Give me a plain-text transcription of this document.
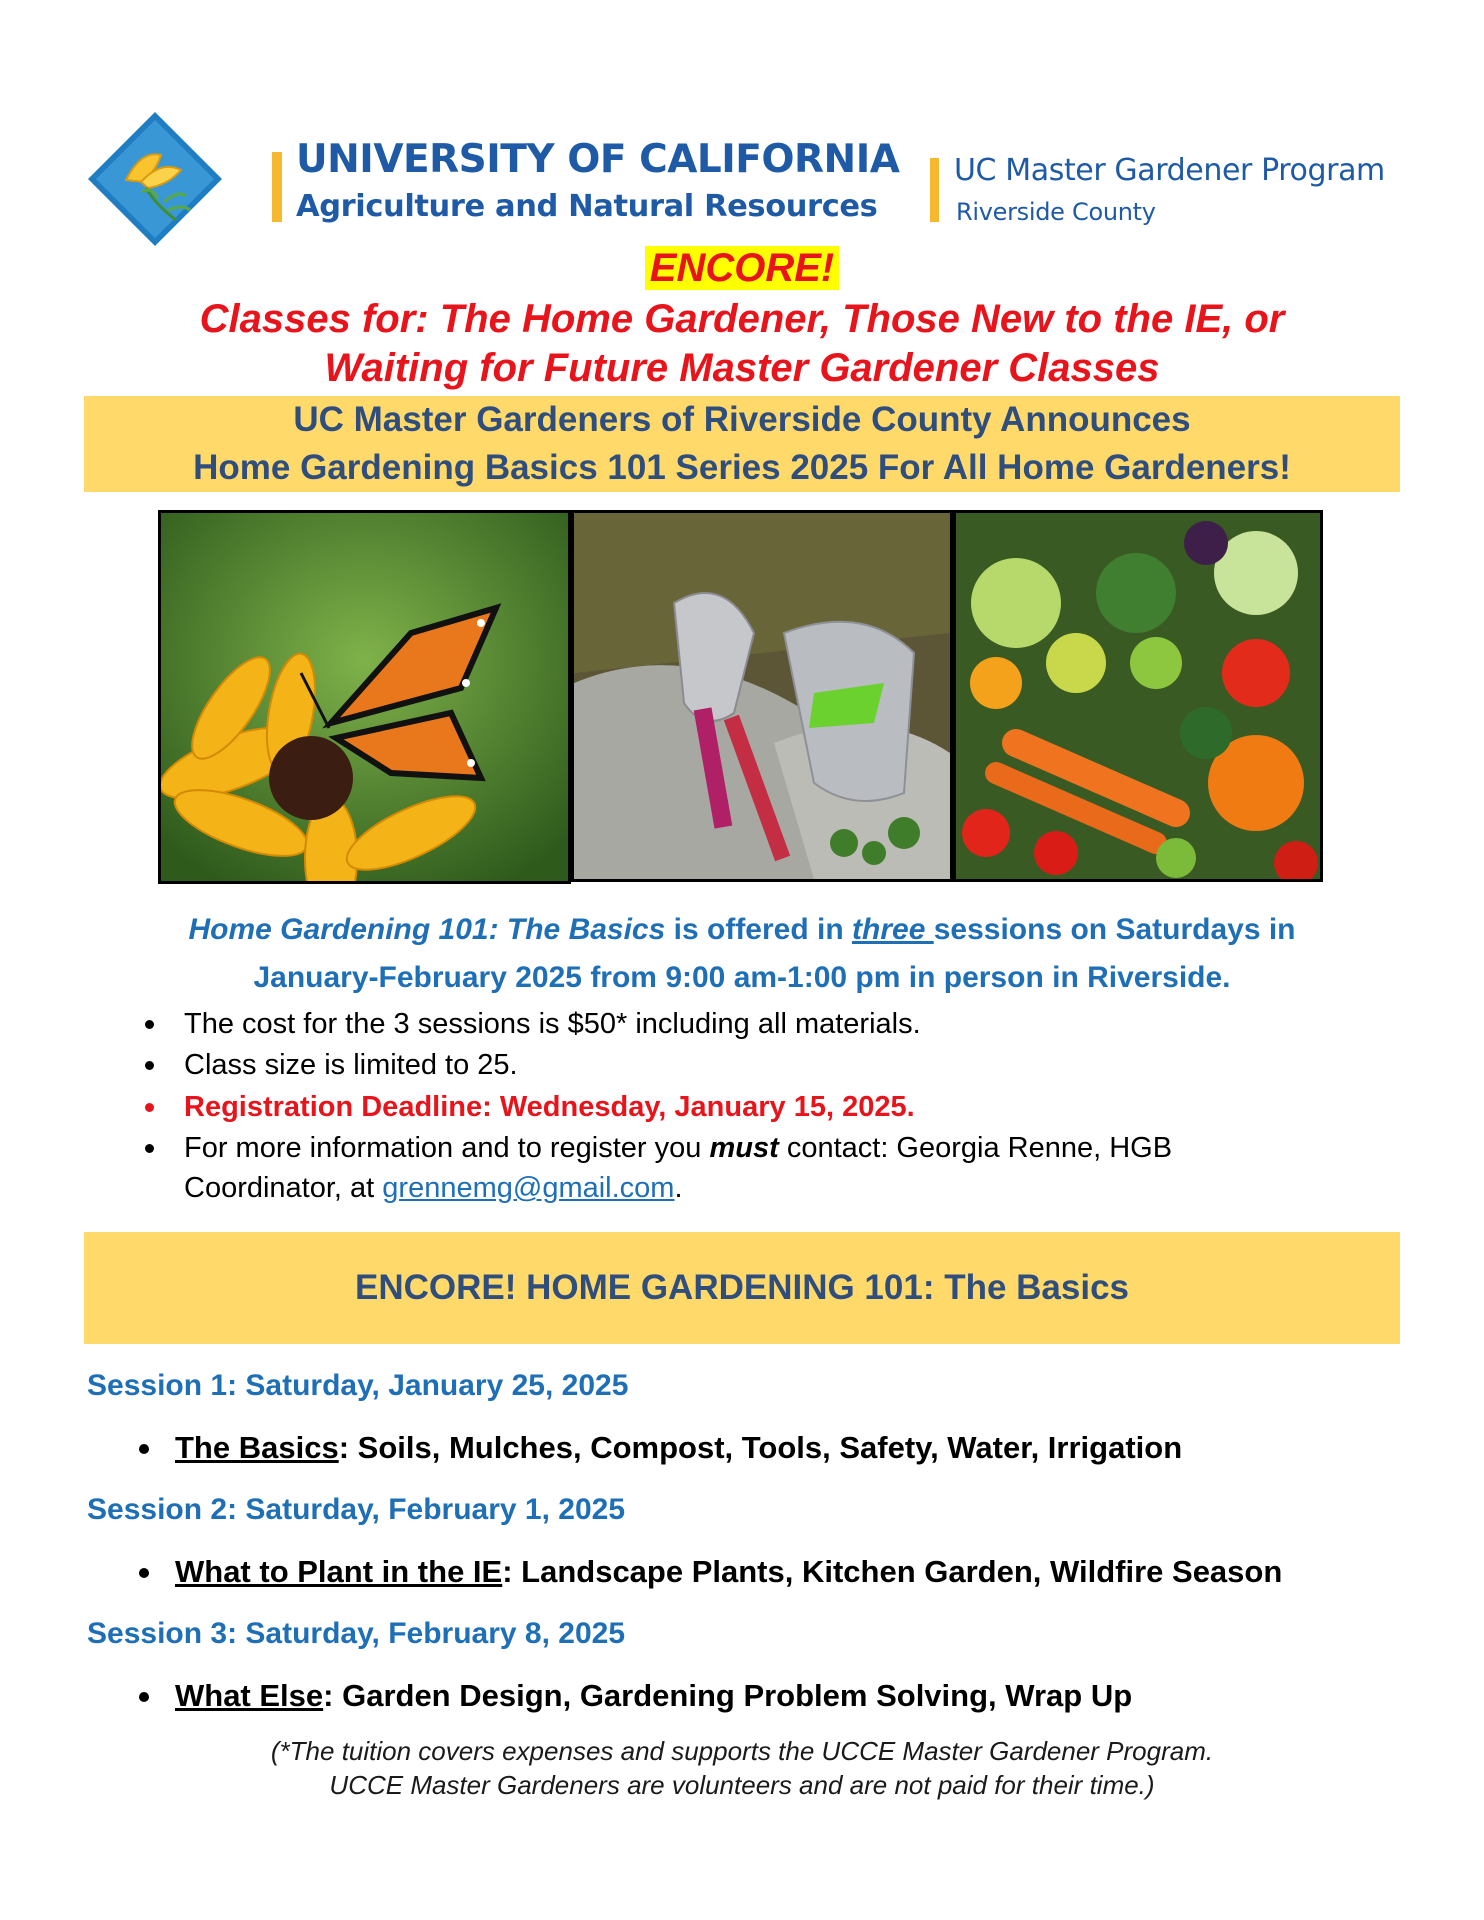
UNIVERSITY OF CALIFORNIA
Agriculture and Natural Resources
UC Master Gardener Program
Riverside County
ENCORE!
Classes for: The Home Gardener, Those New to the IE, or
Waiting for Future Master Gardener Classes
UC Master Gardeners of Riverside County Announces
Home Gardening Basics 101 Series 2025 For All Home Gardeners!
Home Gardening 101: The Basics is offered in three sessions on Saturdays in
January-February 2025 from 9:00 am-1:00 pm in person in Riverside.
The cost for the 3 sessions is $50* including all materials.
Class size is limited to 25.
Registration Deadline: Wednesday, January 15, 2025.
For more information and to register you must contact: Georgia Renne, HGB
Coordinator, at grennemg@gmail.com.
ENCORE! HOME GARDENING 101: The Basics
Session 1: Saturday, January 25, 2025
The Basics: Soils, Mulches, Compost, Tools, Safety, Water, Irrigation
Session 2: Saturday, February 1, 2025
What to Plant in the IE: Landscape Plants, Kitchen Garden, Wildfire Season
Session 3: Saturday, February 8, 2025
What Else: Garden Design, Gardening Problem Solving, Wrap Up
(*The tuition covers expenses and supports the UCCE Master Gardener Program.
UCCE Master Gardeners are volunteers and are not paid for their time.)
